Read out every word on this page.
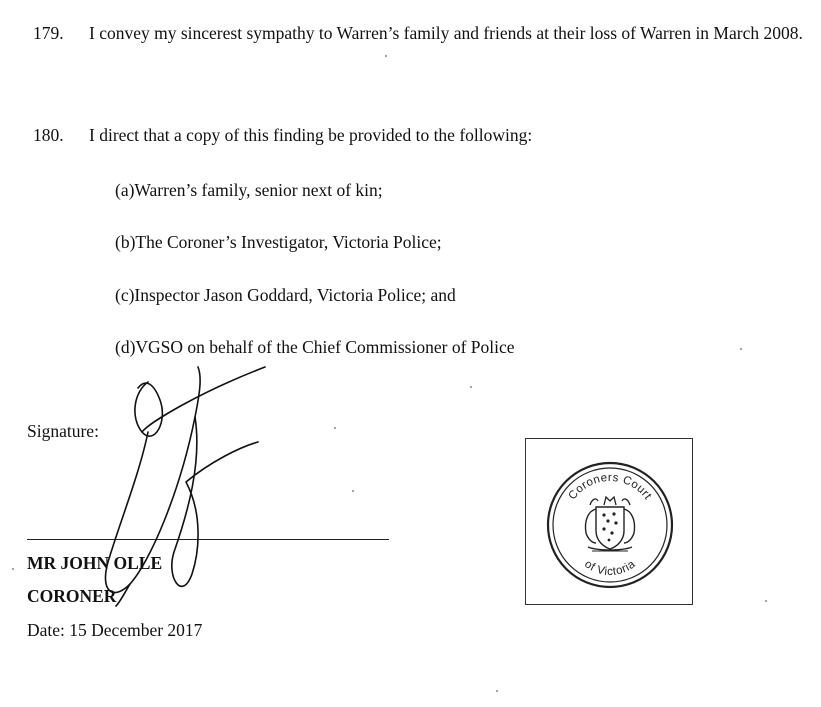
179. I convey my sincerest sympathy to Warren’s family and friends at their loss of Warren in March 2008.
180. I direct that a copy of this finding be provided to the following:
(a)Warren’s family, senior next of kin;
(b)The Coroner’s Investigator, Victoria Police;
(c)Inspector Jason Goddard, Victoria Police; and
(d)VGSO on behalf of the Chief Commissioner of Police
Signature:
MR JOHN OLLE
CORONER
Date: 15 December 2017
Coroners Court
of Victoria
